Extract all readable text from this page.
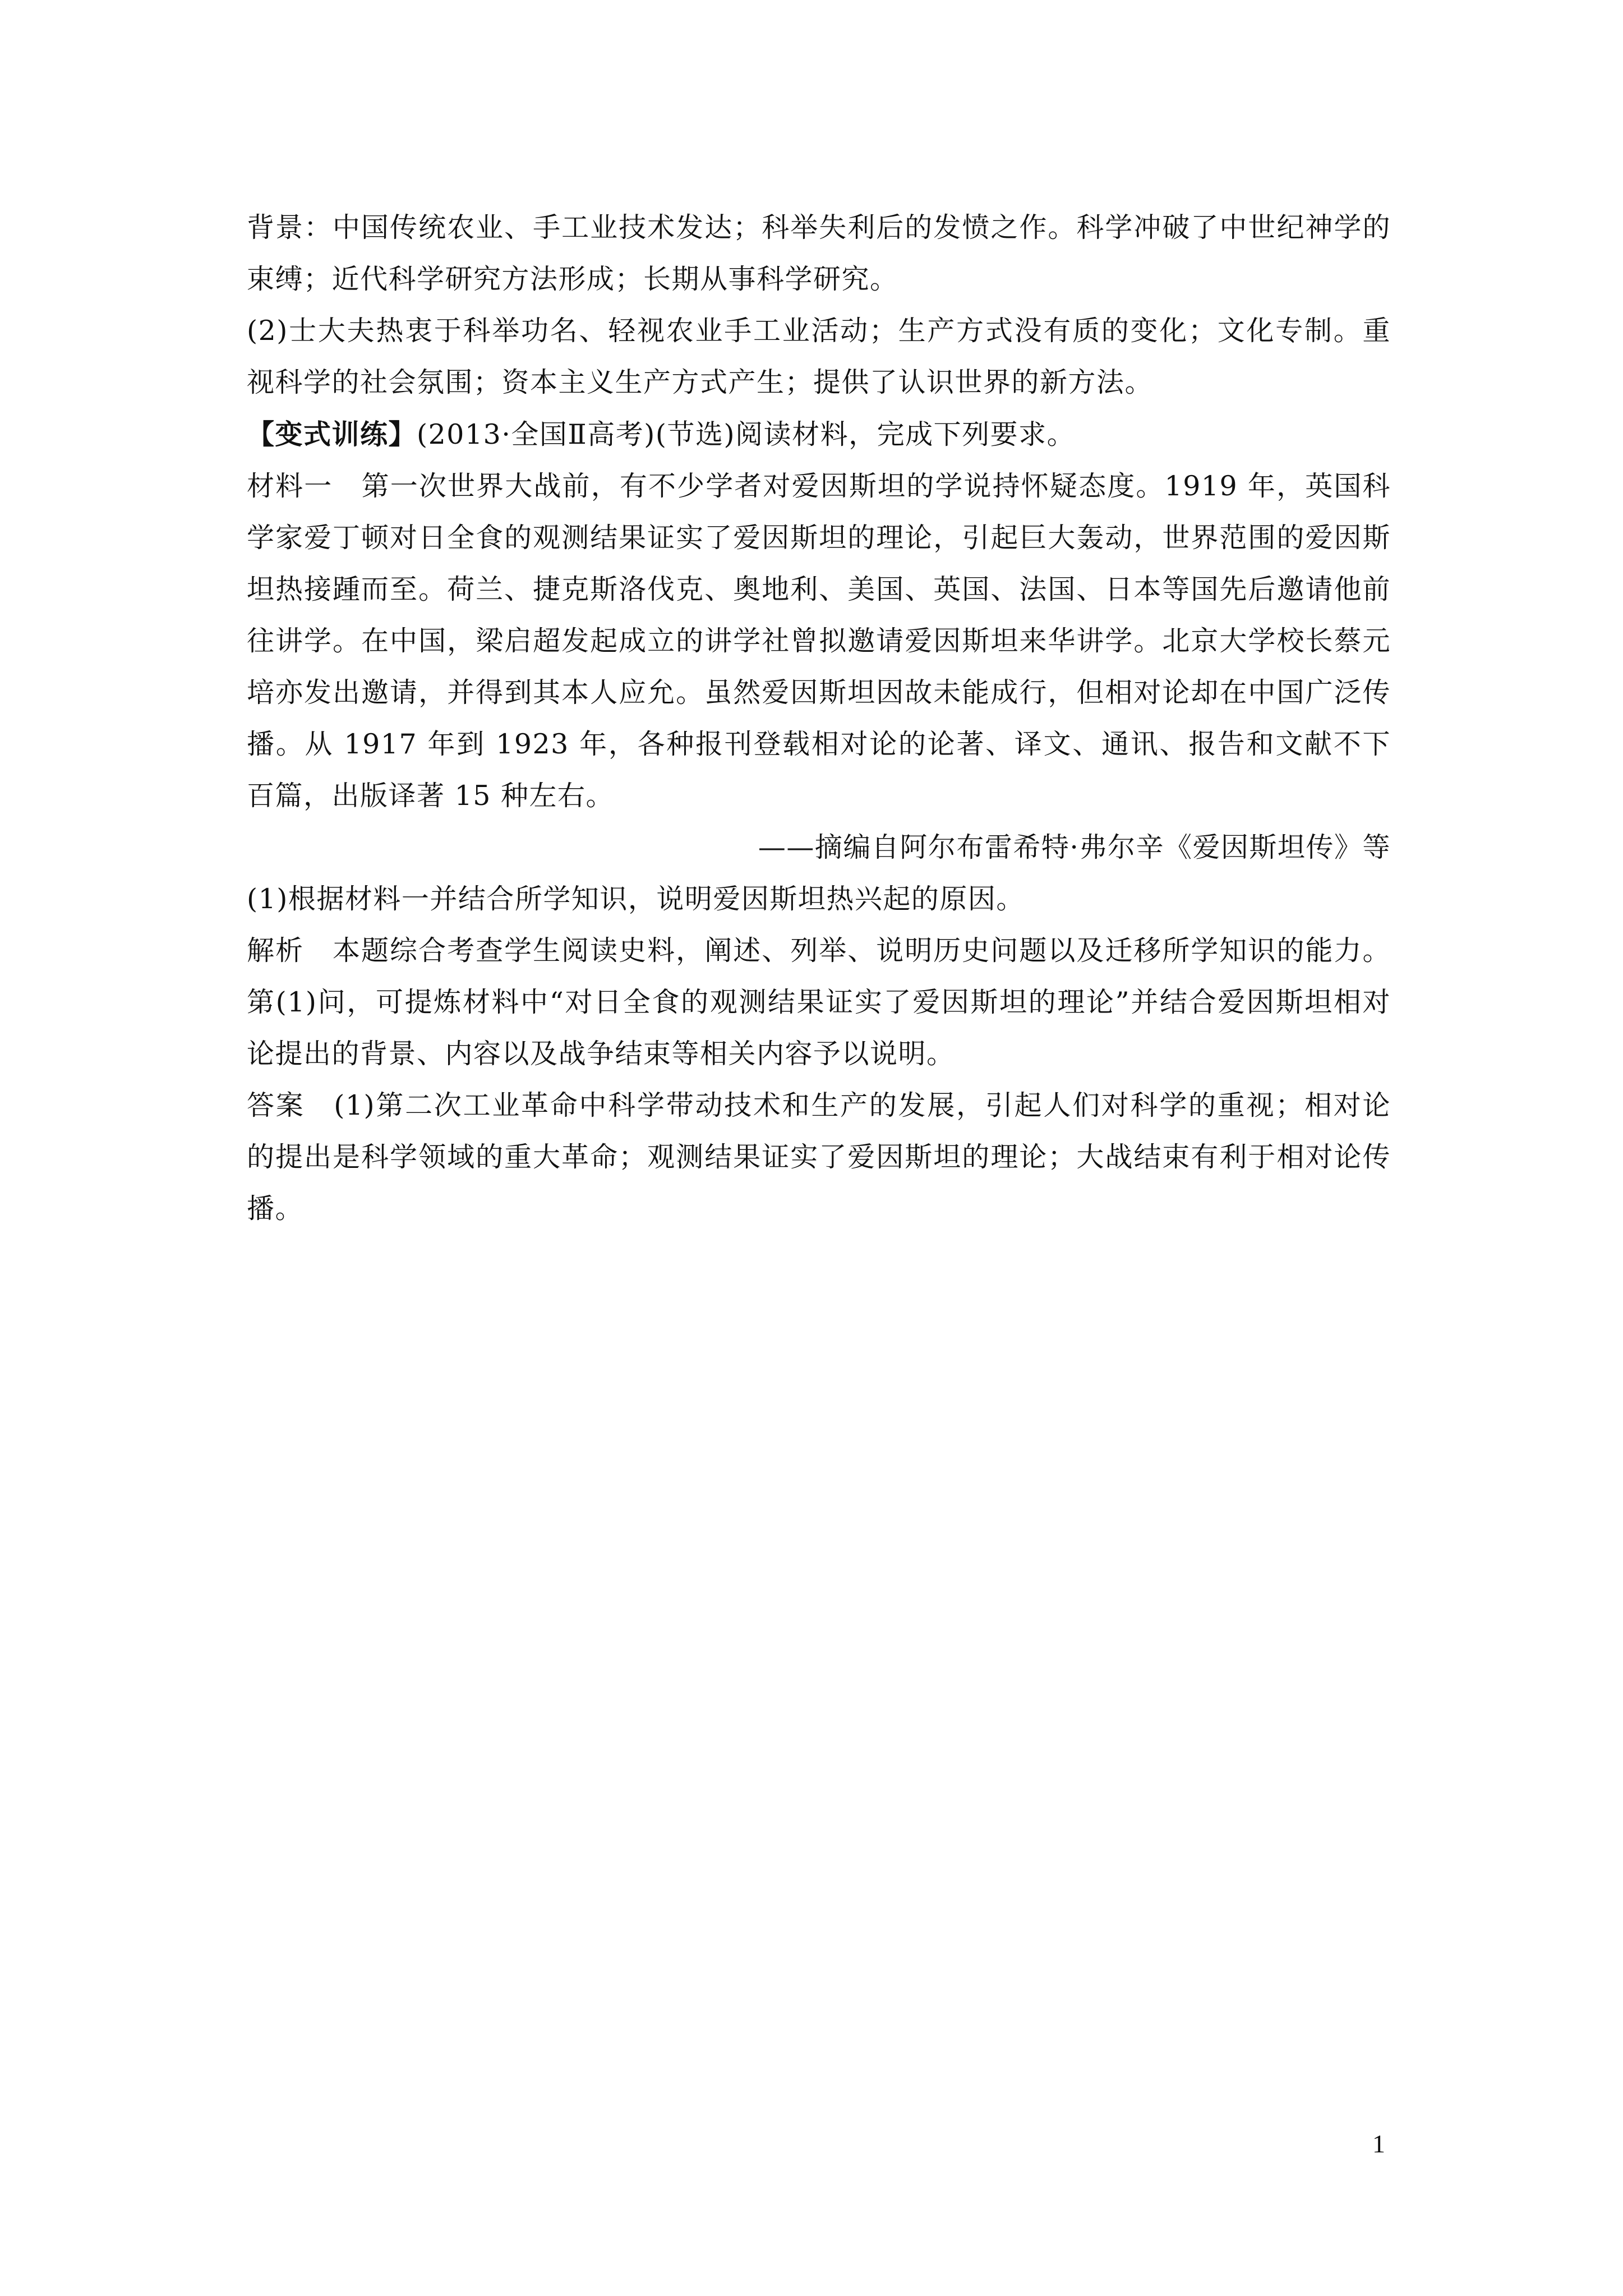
背景：中国传统农业、手工业技术发达；科举失利后的发愤之作。科学冲破了中世纪神学的束缚；近代科学研究方法形成；长期从事科学研究。

(2)士大夫热衷于科举功名、轻视农业手工业活动；生产方式没有质的变化；文化专制。重视科学的社会氛围；资本主义生产方式产生；提供了认识世界的新方法。

【变式训练】(2013·全国Ⅱ高考)(节选)阅读材料，完成下列要求。

材料一　第一次世界大战前，有不少学者对爱因斯坦的学说持怀疑态度。1919 年，英国科学家爱丁顿对日全食的观测结果证实了爱因斯坦的理论，引起巨大轰动，世界范围的爱因斯坦热接踵而至。荷兰、捷克斯洛伐克、奥地利、美国、英国、法国、日本等国先后邀请他前往讲学。在中国，梁启超发起成立的讲学社曾拟邀请爱因斯坦来华讲学。北京大学校长蔡元培亦发出邀请，并得到其本人应允。虽然爱因斯坦因故未能成行，但相对论却在中国广泛传播。从 1917 年到 1923 年，各种报刊登载相对论的论著、译文、通讯、报告和文献不下百篇，出版译著 15 种左右。

——摘编自阿尔布雷希特·弗尔辛《爱因斯坦传》等

(1)根据材料一并结合所学知识，说明爱因斯坦热兴起的原因。

解析　本题综合考查学生阅读史料，阐述、列举、说明历史问题以及迁移所学知识的能力。第(1)问，可提炼材料中“对日全食的观测结果证实了爱因斯坦的理论”并结合爱因斯坦相对论提出的背景、内容以及战争结束等相关内容予以说明。

答案　(1)第二次工业革命中科学带动技术和生产的发展，引起人们对科学的重视；相对论的提出是科学领域的重大革命；观测结果证实了爱因斯坦的理论；大战结束有利于相对论传播。

1
